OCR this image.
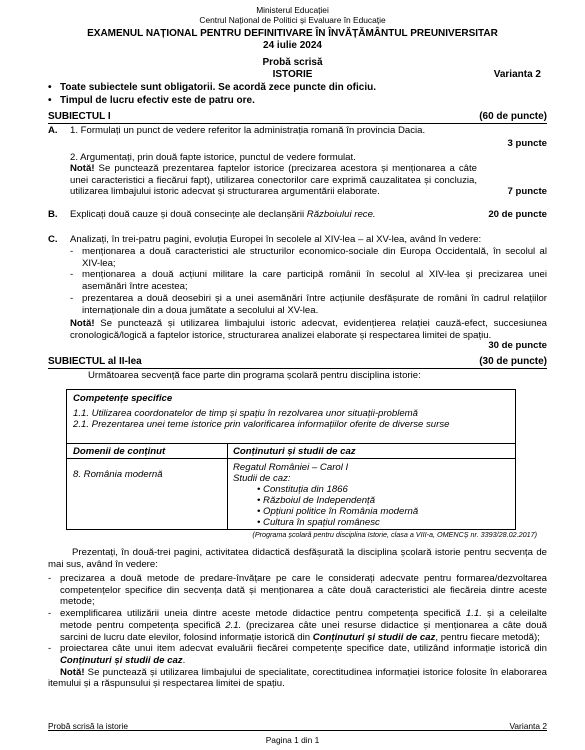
Ministerul Educației
Centrul Național de Politici și Evaluare în Educație
EXAMENUL NAȚIONAL PENTRU DEFINITIVARE ÎN ÎNVĂȚĂMÂNTUL PREUNIVERSITAR
24 iulie 2024
Probă scrisă
ISTORIE	Varianta 2
• Toate subiectele sunt obligatorii. Se acordă zece puncte din oficiu.
• Timpul de lucru efectiv este de patru ore.
SUBIECTUL I	(60 de puncte)
A. 1. Formulați un punct de vedere referitor la administrația romană în provincia Dacia.
3 puncte
2. Argumentați, prin două fapte istorice, punctul de vedere formulat.
Notă! Se punctează prezentarea faptelor istorice (precizarea acestora și menționarea a câte unei caracteristici a fiecărui fapt), utilizarea conectorilor care exprimă cauzalitatea și concluzia, utilizarea limbajului istoric adecvat și structurarea argumentării elaborate.	7 puncte
B. Explicați două cauze și două consecințe ale declanșării Războiului rece.	20 de puncte
C. Analizați, în trei-patru pagini, evoluția Europei în secolele al XIV-lea – al XV-lea, având în vedere:
- menționarea a două caracteristici ale structurilor economico-sociale din Europa Occidentală, în secolul al XIV-lea;
- menționarea a două acțiuni militare la care participă românii în secolul al XIV-lea și precizarea unei asemănări între acestea;
- prezentarea a două deosebiri și a unei asemănări între acțiunile desfășurate de români în cadrul relațiilor internaționale din a doua jumătate a secolului al XV-lea.
Notă! Se punctează și utilizarea limbajului istoric adecvat, evidențierea relației cauză-efect, succesiunea cronologică/logică a faptelor istorice, structurarea analizei elaborate și respectarea limitei de spațiu.
30 de puncte
SUBIECTUL al II-lea	(30 de puncte)
Următoarea secvență face parte din programa școlară pentru disciplina istorie:
Competențe specifice
1.1. Utilizarea coordonatelor de timp și spațiu în rezolvarea unor situații-problemă
2.1. Prezentarea unei teme istorice prin valorificarea informațiilor oferite de diverse surse
Domenii de conținut	Conținuturi și studii de caz
8. România modernă
Regatul României – Carol I
Studii de caz:
• Constituția din 1866
• Războiul de Independență
• Opțiuni politice în România modernă
• Cultura în spațiul românesc
(Programa școlară pentru disciplina Istorie, clasa a VIII-a, OMENCȘ nr. 3393/28.02.2017)
Prezentați, în două-trei pagini, activitatea didactică desfășurată la disciplina școlară istorie pentru secvența de mai sus, având în vedere:
- precizarea a două metode de predare-învățare pe care le considerați adecvate pentru formarea/dezvoltarea competențelor specifice din secvența dată și menționarea a câte două caracteristici ale fiecăreia dintre aceste metode;
- exemplificarea utilizării uneia dintre aceste metode didactice pentru competența specifică 1.1. și a celeilalte metode pentru competența specifică 2.1. (precizarea câte unei resurse didactice și menționarea a câte două sarcini de lucru date elevilor, folosind informație istorică din Conținuturi și studii de caz, pentru fiecare metodă);
- proiectarea câte unui item adecvat evaluării fiecărei competențe specifice date, utilizând informație istorică din Conținuturi și studii de caz.
Notă! Se punctează și utilizarea limbajului de specialitate, corectitudinea informației istorice folosite în elaborarea itemului și a răspunsului și respectarea limitei de spațiu.
Probă scrisă la istorie	Varianta 2
Pagina 1 din 1
